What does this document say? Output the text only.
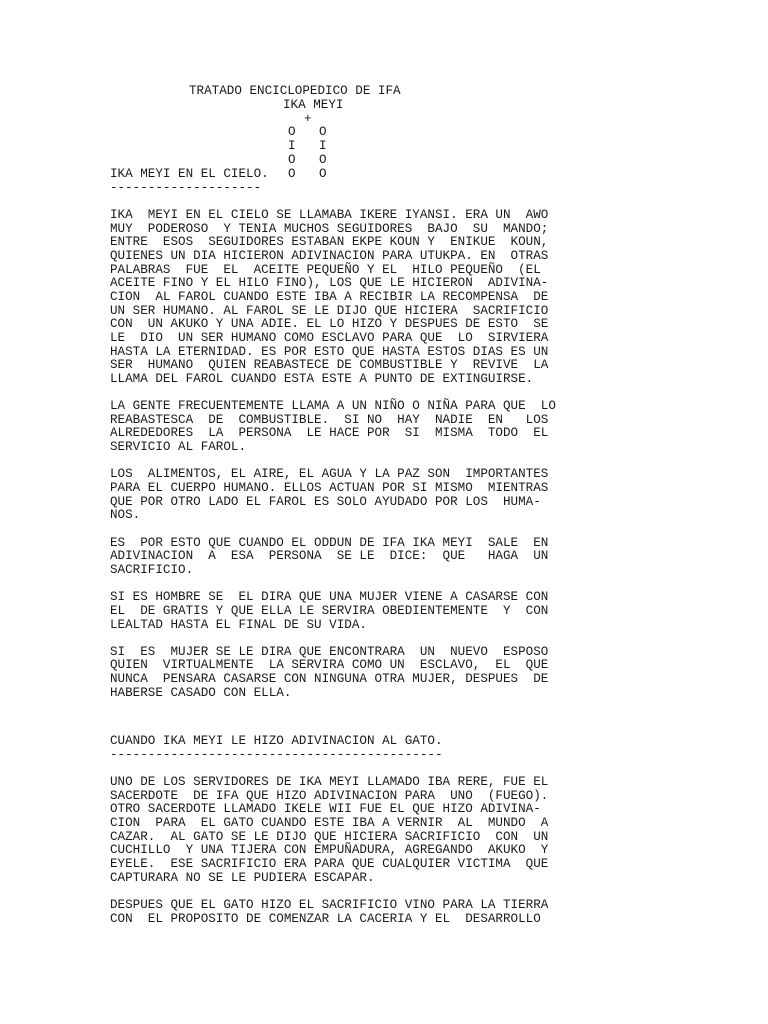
TRATADO ENCICLOPEDICO DE IFA

IKA MEYI

+

O

O

I

I

O

O

O

O

IKA MEYI EN EL CIELO.

--------------------

IKA  MEYI EN EL CIELO SE LLAMABA IKERE IYANSI. ERA UN  AWO
MUY  PODEROSO  Y TENIA MUCHOS SEGUIDORES  BAJO  SU  MANDO;
ENTRE  ESOS  SEGUIDORES ESTABAN EKPE KOUN Y  ENIKUE  KOUN,
QUIENES UN DIA HICIERON ADIVINACION PARA UTUKPA. EN  OTRAS
PALABRAS  FUE  EL  ACEITE PEQUEÑO Y EL  HILO PEQUEÑO  (EL
ACEITE FINO Y EL HILO FINO), LOS QUE LE HICIERON  ADIVINA-
CION  AL FAROL CUANDO ESTE IBA A RECIBIR LA RECOMPENSA  DE
UN SER HUMANO. AL FAROL SE LE DIJO QUE HICIERA  SACRIFICIO
CON  UN AKUKO Y UNA ADIE. EL LO HIZO Y DESPUES DE ESTO  SE
LE  DIO  UN SER HUMANO COMO ESCLAVO PARA QUE  LO  SIRVIERA
HASTA LA ETERNIDAD. ES POR ESTO QUE HASTA ESTOS DIAS ES UN
SER  HUMANO  QUIEN REABASTECE DE COMBUSTIBLE Y  REVIVE  LA
LLAMA DEL FAROL CUANDO ESTA ESTE A PUNTO DE EXTINGUIRSE.
LA GENTE FRECUENTEMENTE LLAMA A UN NIÑO O NIÑA PARA QUE  LO
REABASTESCA  DE  COMBUSTIBLE.  SI NO  HAY  NADIE  EN   LOS
ALREDEDORES  LA  PERSONA  LE HACE POR  SI  MISMA  TODO  EL
SERVICIO AL FAROL.
LOS  ALIMENTOS, EL AIRE, EL AGUA Y LA PAZ SON  IMPORTANTES
PARA EL CUERPO HUMANO. ELLOS ACTUAN POR SI MISMO  MIENTRAS
QUE POR OTRO LADO EL FAROL ES SOLO AYUDADO POR LOS  HUMA-
NOS.
ES  POR ESTO QUE CUANDO EL ODDUN DE IFA IKA MEYI  SALE  EN
ADIVINACION  A  ESA  PERSONA  SE LE  DICE:  QUE   HAGA  UN
SACRIFICIO.
SI ES HOMBRE SE  EL DIRA QUE UNA MUJER VIENE A CASARSE CON
EL  DE GRATIS Y QUE ELLA LE SERVIRA OBEDIENTEMENTE  Y  CON
LEALTAD HASTA EL FINAL DE SU VIDA.
SI  ES  MUJER SE LE DIRA QUE ENCONTRARA  UN  NUEVO  ESPOSO
QUIEN  VIRTUALMENTE  LA SERVIRA COMO UN  ESCLAVO,  EL  QUE
NUNCA  PENSARA CASARSE CON NINGUNA OTRA MUJER, DESPUES  DE
HABERSE CASADO CON ELLA.

CUANDO IKA MEYI LE HIZO ADIVINACION AL GATO.

--------------------------------------------

UNO DE LOS SERVIDORES DE IKA MEYI LLAMADO IBA RERE, FUE EL
SACERDOTE  DE IFA QUE HIZO ADIVINACION PARA  UNO  (FUEGO).
OTRO SACERDOTE LLAMADO IKELE WII FUE EL QUE HIZO ADIVINA-
CION  PARA  EL GATO CUANDO ESTE IBA A VERNIR  AL  MUNDO  A
CAZAR.  AL GATO SE LE DIJO QUE HICIERA SACRIFICIO  CON  UN
CUCHILLO  Y UNA TIJERA CON EMPUÑADURA, AGREGANDO  AKUKO  Y
EYELE.  ESE SACRIFICIO ERA PARA QUE CUALQUIER VICTIMA  QUE
CAPTURARA NO SE LE PUDIERA ESCAPAR.
DESPUES QUE EL GATO HIZO EL SACRIFICIO VINO PARA LA TIERRA
CON  EL PROPOSITO DE COMENZAR LA CACERIA Y EL  DESARROLLO
